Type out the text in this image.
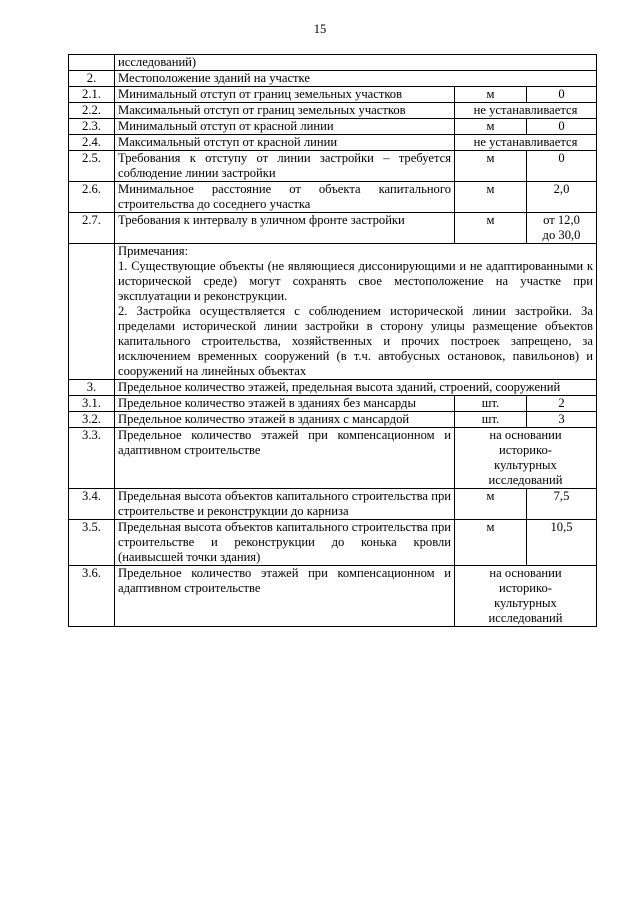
15
	исследований)		
2.	Местоположение зданий на участке		
2.1.	Минимальный отступ от границ земельных участков	м	0
2.2.	Максимальный отступ от границ земельных участков	не устанавливается	
2.3.	Минимальный отступ от красной линии	м	0
2.4.	Максимальный отступ от красной линии	не устанавливается	
2.5.	Требования к отступу от линии застройки – требуется соблюдение линии застройки	м	0
2.6.	Минимальное расстояние от объекта капитального строительства до соседнего участка	м	2,0
2.7.	Требования к интервалу в уличном фронте застройки	м	от 12,0
до 30,0

	Примечания:
1. Существующие объекты (не являющиеся диссонирующими и не адаптированными к исторической среде) могут сохранять свое местоположение на участке при эксплуатации и реконструкции.
2. Застройка осуществляется с соблюдением исторической линии застройки. За пределами исторической линии застройки в сторону улицы размещение объектов капитального строительства, хозяйственных и прочих построек запрещено, за исключением временных сооружений (в т.ч. автобусных остановок, павильонов) и сооружений на линейных объектах		

3.	Предельное количество этажей, предельная высота зданий, строений, сооружений		
3.1.	Предельное количество этажей в зданиях без мансарды	шт.	2
3.2.	Предельное количество этажей в зданиях с мансардой	шт.	3
3.3.	Предельное количество этажей при компенсационном и адаптивном строительстве	на основании
историко-
культурных
исследований	

3.4.	Предельная высота объектов капитального строительства при строительстве и реконструкции до карниза	м	7,5
3.5.	Предельная высота объектов капитального строительства при строительстве и реконструкции до конька кровли (наивысшей точки здания)	м	10,5
3.6.	Предельное количество этажей при компенсационном и адаптивном строительстве	на основании
историко-
культурных
исследований	
